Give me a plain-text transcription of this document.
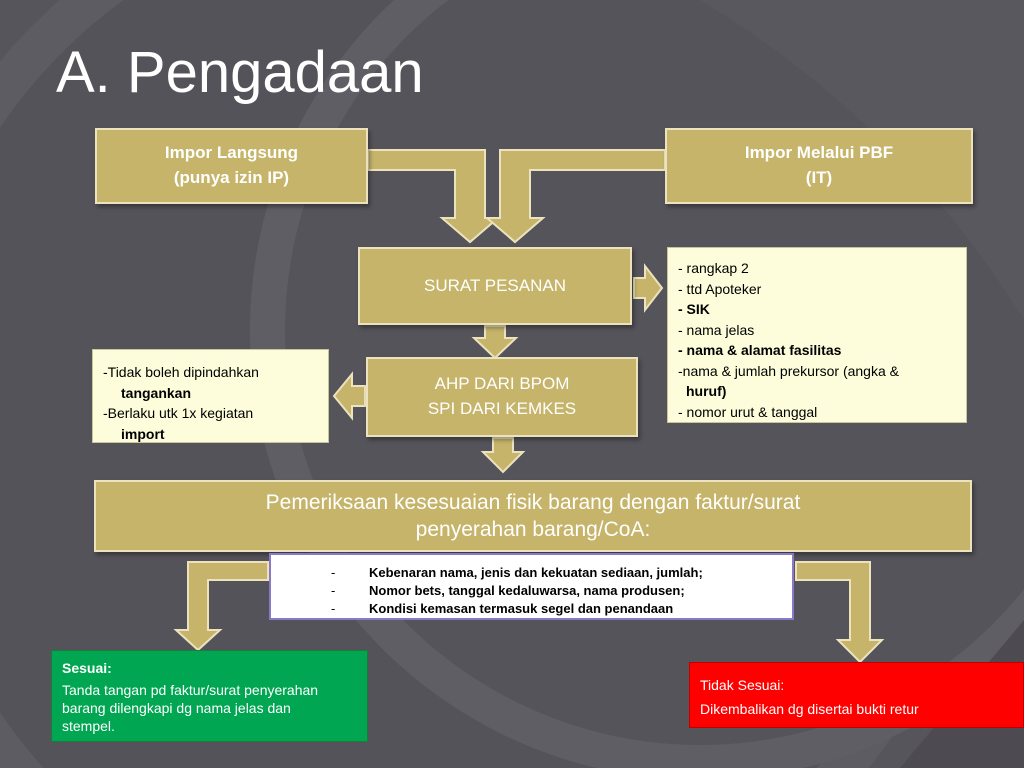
A. Pengadaan
Impor Langsung
(punya izin IP)
Impor Melalui PBF
(IT)
SURAT PESANAN
- rangkap 2
- ttd Apoteker
- SIK
- nama jelas
- nama & alamat fasilitas
-nama & jumlah prekursor (angka &
huruf)
- nomor urut & tanggal
AHP DARI BPOM
SPI DARI KEMKES
-Tidak boleh dipindahkan
tangankan
-Berlaku utk 1x kegiatan
import
Pemeriksaan kesesuaian fisik barang dengan faktur/surat penyerahan barang/CoA:
-	Kebenaran nama, jenis dan kekuatan sediaan, jumlah;
-	Nomor bets, tanggal kedaluwarsa, nama produsen;
-	Kondisi kemasan termasuk segel dan penandaan
Sesuai:
Tanda tangan pd faktur/surat penyerahan barang dilengkapi dg nama jelas dan stempel.
Tidak Sesuai:
Dikembalikan dg disertai bukti retur
